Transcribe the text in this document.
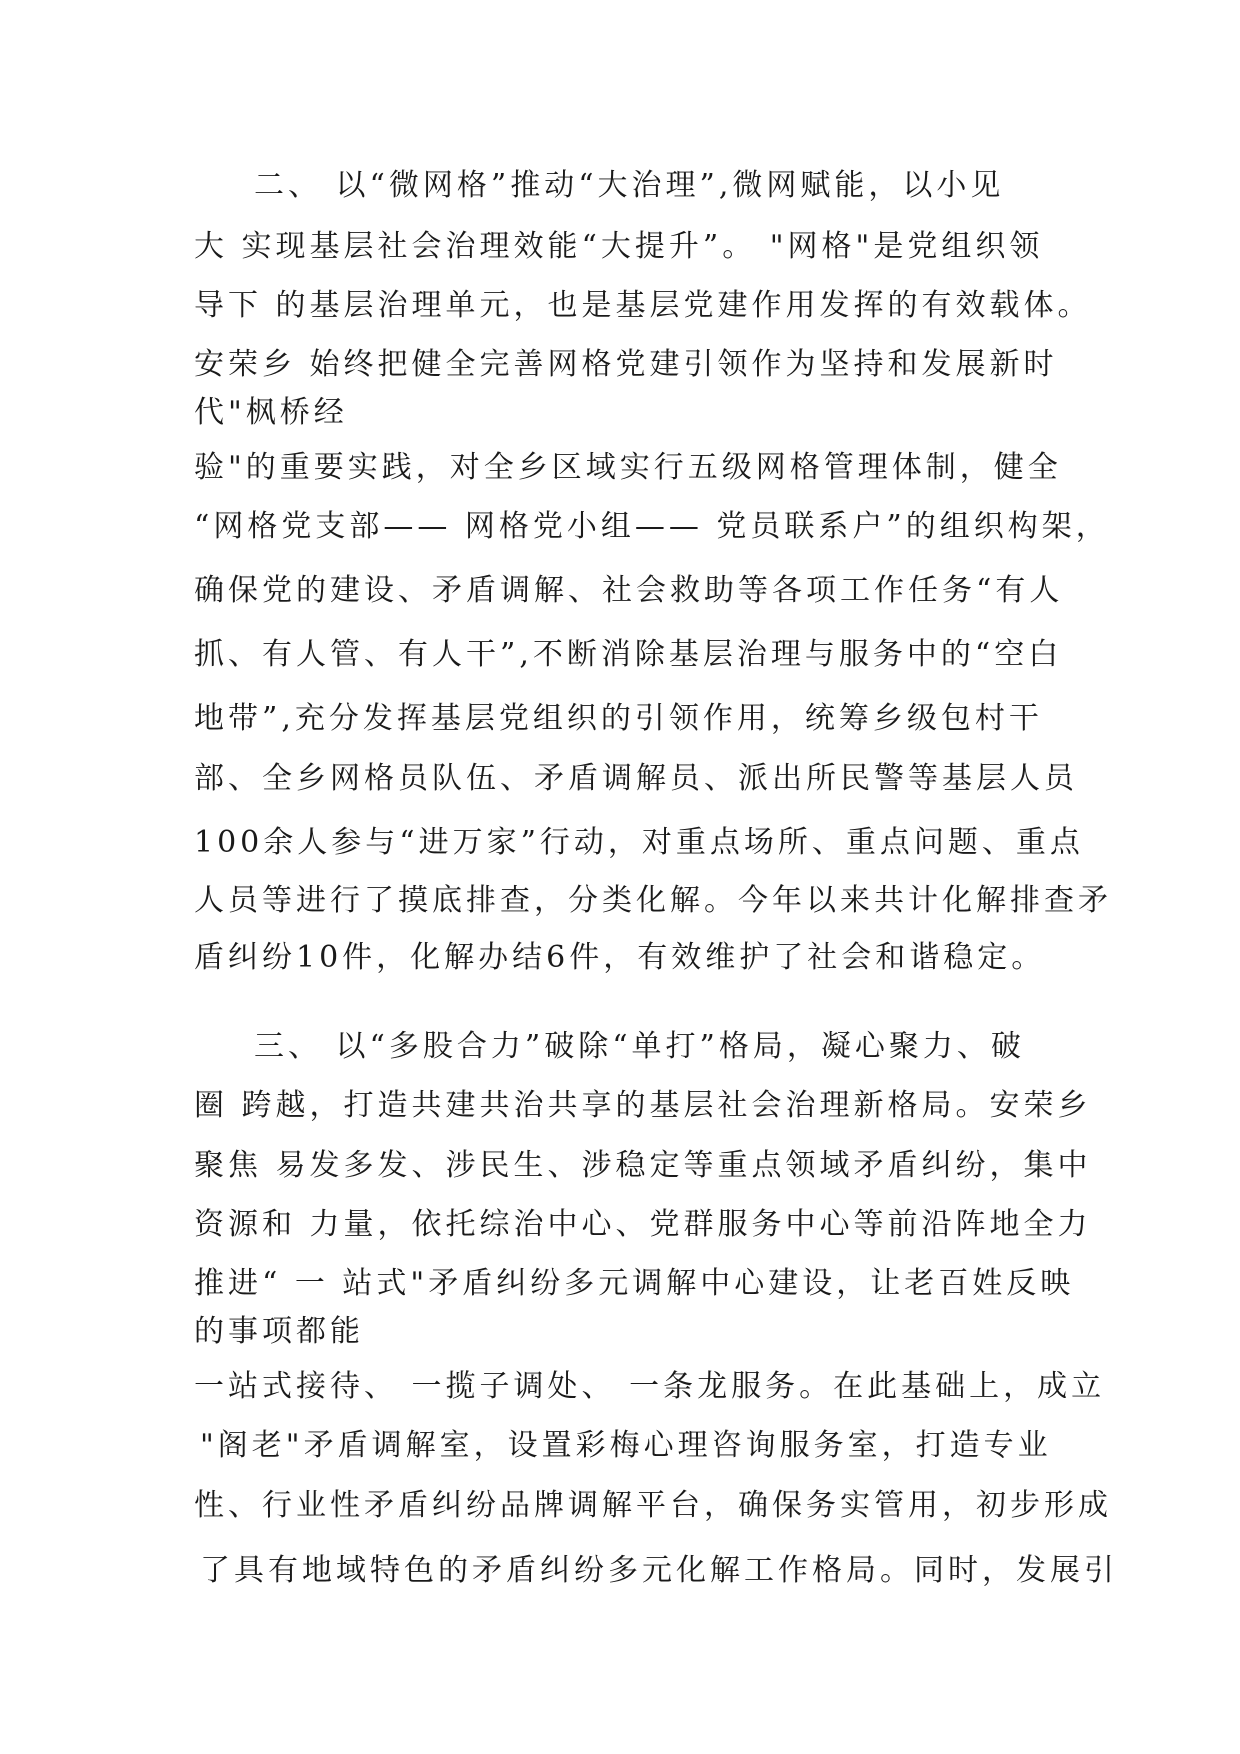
二、 以“微网格”推动“大治理”,微网赋能，以小见
大 实现基层社会治理效能“大提升”。 "网格"是党组织领
导下 的基层治理单元，也是基层党建作用发挥的有效载体。
安荣乡 始终把健全完善网格党建引领作为坚持和发展新时
代"枫桥经
验"的重要实践，对全乡区域实行五级网格管理体制，健全
“网格党支部—— 网格党小组—— 党员联系户”的组织构架，
确保党的建设、矛盾调解、社会救助等各项工作任务“有人
抓、有人管、有人干”,不断消除基层治理与服务中的“空白
地带”,充分发挥基层党组织的引领作用，统筹乡级包村干
部、全乡网格员队伍、矛盾调解员、派出所民警等基层人员
100余人参与“进万家”行动，对重点场所、重点问题、重点
人员等进行了摸底排查，分类化解。今年以来共计化解排查矛
盾纠纷10件，化解办结6件，有效维护了社会和谐稳定。
三、 以“多股合力”破除“单打”格局，凝心聚力、破
圈 跨越，打造共建共治共享的基层社会治理新格局。安荣乡
聚焦 易发多发、涉民生、涉稳定等重点领域矛盾纠纷，集中
资源和 力量，依托综治中心、党群服务中心等前沿阵地全力
推进“ 一 站式"矛盾纠纷多元调解中心建设，让老百姓反映
的事项都能
一站式接待、 一揽子调处、 一条龙服务。在此基础上，成立
"阁老"矛盾调解室，设置彩梅心理咨询服务室，打造专业
性、行业性矛盾纠纷品牌调解平台，确保务实管用，初步形成
了具有地域特色的矛盾纠纷多元化解工作格局。同时，发展引
